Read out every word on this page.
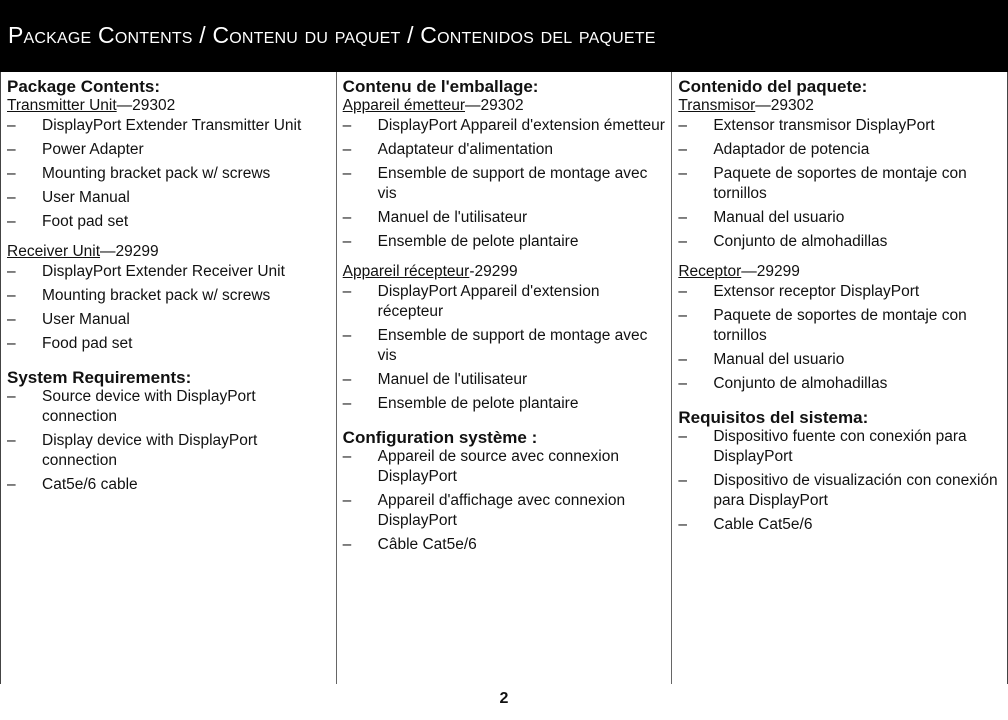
Package Contents / Contenu du paquet / Contenidos del paquete
Package Contents:

Transmitter Unit—29302

– DisplayPort Extender Transmitter Unit
– Power Adapter
– Mounting bracket pack w/ screws
– User Manual
– Foot pad set

Receiver Unit—29299

– DisplayPort Extender Receiver Unit
– Mounting bracket pack w/ screws
– User Manual
– Food pad set
System Requirements:
– Source device with DisplayPort connection
– Display device with DisplayPort connection
– Cat5e/6 cable
Contenu de l'emballage:

Appareil émetteur—29302

– DisplayPort Appareil d'extension émetteur
– Adaptateur d'alimentation
– Ensemble de support de montage avec vis
– Manuel de l'utilisateur
– Ensemble de pelote plantaire

Appareil récepteur-29299

– DisplayPort Appareil d'extension récepteur
– Ensemble de support de montage avec vis
– Manuel de l'utilisateur
– Ensemble de pelote plantaire
Configuration système :
– Appareil de source avec connexion DisplayPort
– Appareil d'affichage avec connexion DisplayPort
– Câble Cat5e/6
Contenido del paquete:

Transmisor—29302

– Extensor transmisor DisplayPort
– Adaptador de potencia
– Paquete de soportes de montaje con tornillos
– Manual del usuario
– Conjunto de almohadillas

Receptor—29299

– Extensor receptor DisplayPort
– Paquete de soportes de montaje con tornillos
– Manual del usuario
– Conjunto de almohadillas
Requisitos del sistema:
– Dispositivo fuente con conexión para DisplayPort
– Dispositivo de visualización con conexión para DisplayPort
– Cable Cat5e/6
2
